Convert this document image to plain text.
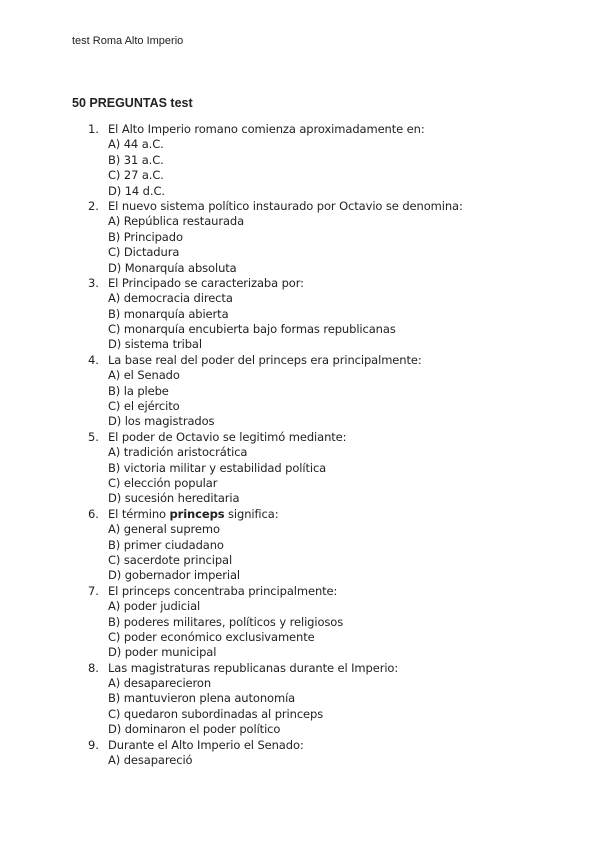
test Roma Alto Imperio
50 PREGUNTAS test
1. El Alto Imperio romano comienza aproximadamente en:
A) 44 a.C.
B) 31 a.C.
C) 27 a.C.
D) 14 d.C.
2. El nuevo sistema político instaurado por Octavio se denomina:
A) República restaurada
B) Principado
C) Dictadura
D) Monarquía absoluta
3. El Principado se caracterizaba por:
A) democracia directa
B) monarquía abierta
C) monarquía encubierta bajo formas republicanas
D) sistema tribal
4. La base real del poder del princeps era principalmente:
A) el Senado
B) la plebe
C) el ejército
D) los magistrados
5. El poder de Octavio se legitimó mediante:
A) tradición aristocrática
B) victoria militar y estabilidad política
C) elección popular
D) sucesión hereditaria
6. El término princeps significa:
A) general supremo
B) primer ciudadano
C) sacerdote principal
D) gobernador imperial
7. El princeps concentraba principalmente:
A) poder judicial
B) poderes militares, políticos y religiosos
C) poder económico exclusivamente
D) poder municipal
8. Las magistraturas republicanas durante el Imperio:
A) desaparecieron
B) mantuvieron plena autonomía
C) quedaron subordinadas al princeps
D) dominaron el poder político
9. Durante el Alto Imperio el Senado:
A) desapareció
